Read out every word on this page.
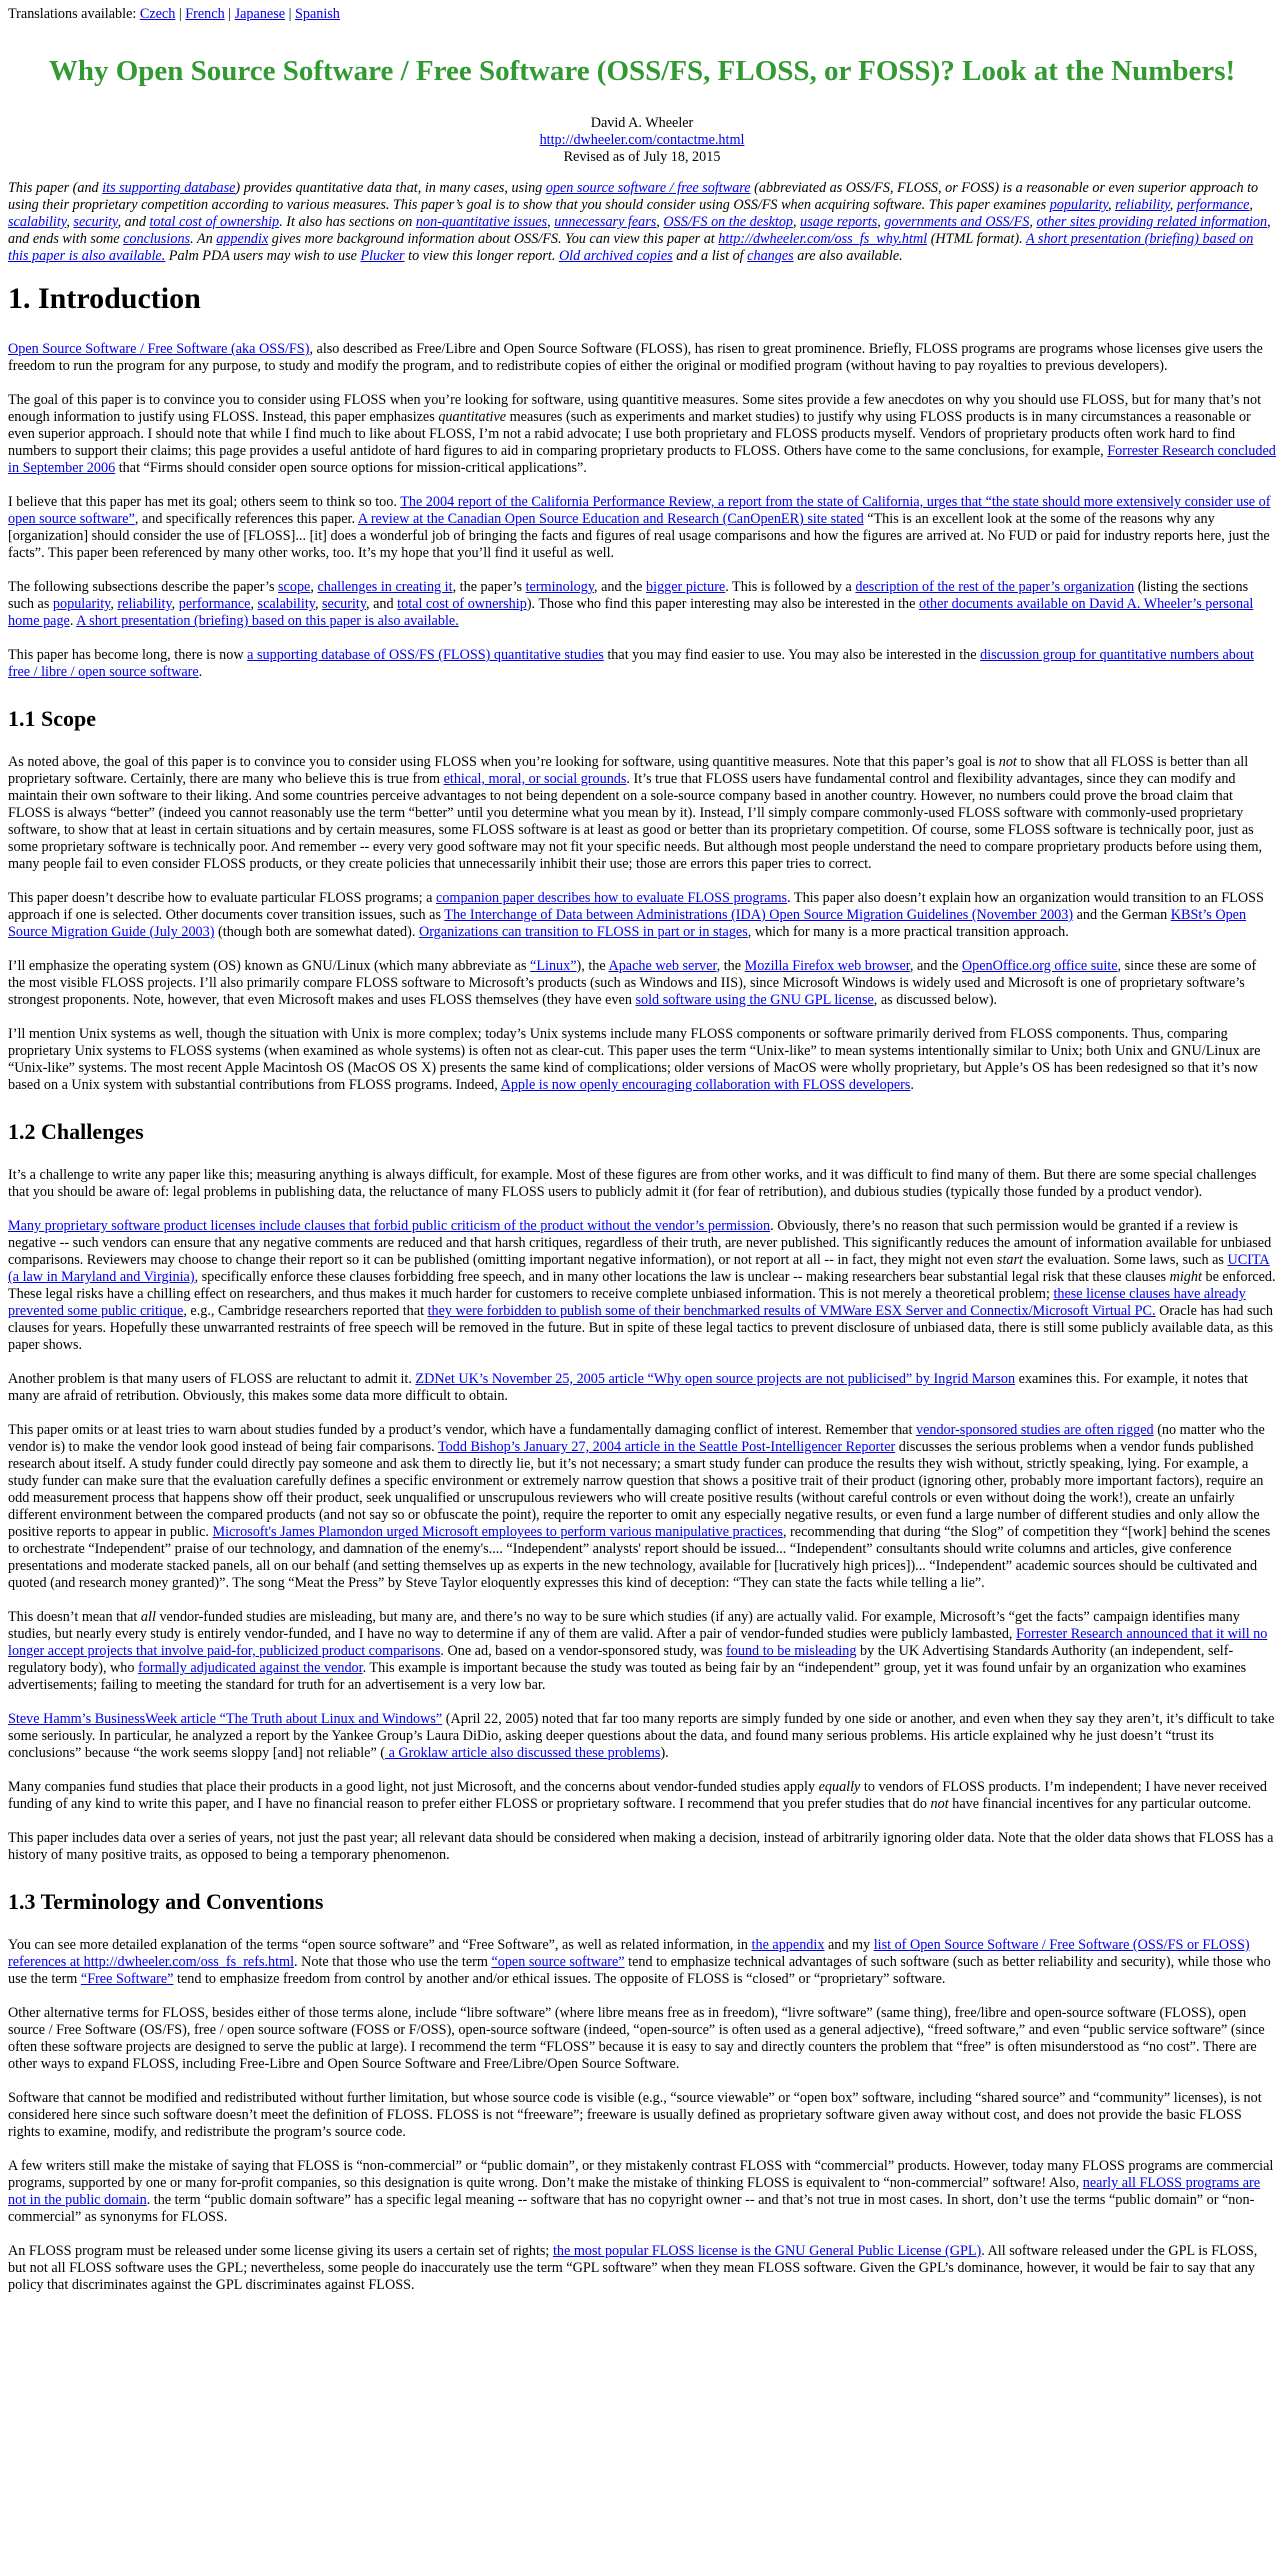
Translations available: Czech | French | Japanese | Spanish
Why Open Source Software / Free Software (OSS/FS, FLOSS, or FOSS)? Look at the Numbers!
David A. Wheeler
http://dwheeler.com/contactme.html
Revised as of July 18, 2015

This paper (and its supporting database) provides quantitative data that, in many cases, using open source software / free software (abbreviated as OSS/FS, FLOSS, or FOSS) is a reasonable or even superior approach to using their proprietary competition according to various measures. This paper’s goal is to show that you should consider using OSS/FS when acquiring software. This paper examines popularity, reliability, performance, scalability, security, and total cost of ownership. It also has sections on non-quantitative issues, unnecessary fears, OSS/FS on the desktop, usage reports, governments and OSS/FS, other sites providing related information, and ends with some conclusions. An appendix gives more background information about OSS/FS. You can view this paper at http://dwheeler.com/oss_fs_why.html (HTML format). A short presentation (briefing) based on this paper is also available. Palm PDA users may wish to use Plucker to view this longer report. Old archived copies and a list of changes are also available.

1. Introduction

Open Source Software / Free Software (aka OSS/FS), also described as Free/Libre and Open Source Software (FLOSS), has risen to great prominence. Briefly, FLOSS programs are programs whose licenses give users the freedom to run the program for any purpose, to study and modify the program, and to redistribute copies of either the original or modified program (without having to pay royalties to previous developers).

The goal of this paper is to convince you to consider using FLOSS when you’re looking for software, using quantitive measures. Some sites provide a few anecdotes on why you should use FLOSS, but for many that’s not enough information to justify using FLOSS. Instead, this paper emphasizes quantitative measures (such as experiments and market studies) to justify why using FLOSS products is in many circumstances a reasonable or even superior approach. I should note that while I find much to like about FLOSS, I’m not a rabid advocate; I use both proprietary and FLOSS products myself. Vendors of proprietary products often work hard to find numbers to support their claims; this page provides a useful antidote of hard figures to aid in comparing proprietary products to FLOSS. Others have come to the same conclusions, for example, Forrester Research concluded in September 2006 that “Firms should consider open source options for mission-critical applications”.

I believe that this paper has met its goal; others seem to think so too. The 2004 report of the California Performance Review, a report from the state of California, urges that “the state should more extensively consider use of open source software”, and specifically references this paper. A review at the Canadian Open Source Education and Research (CanOpenER) site stated “This is an excellent look at the some of the reasons why any [organization] should consider the use of [FLOSS]... [it] does a wonderful job of bringing the facts and figures of real usage comparisons and how the figures are arrived at. No FUD or paid for industry reports here, just the facts”. This paper been referenced by many other works, too. It’s my hope that you’ll find it useful as well.

The following subsections describe the paper’s scope, challenges in creating it, the paper’s terminology, and the bigger picture. This is followed by a description of the rest of the paper’s organization (listing the sections such as popularity, reliability, performance, scalability, security, and total cost of ownership). Those who find this paper interesting may also be interested in the other documents available on David A. Wheeler’s personal home page. A short presentation (briefing) based on this paper is also available.

This paper has become long, there is now a supporting database of OSS/FS (FLOSS) quantitative studies that you may find easier to use. You may also be interested in the discussion group for quantitative numbers about free / libre / open source software.

1.1 Scope

As noted above, the goal of this paper is to convince you to consider using FLOSS when you’re looking for software, using quantitive measures. Note that this paper’s goal is not to show that all FLOSS is better than all proprietary software. Certainly, there are many who believe this is true from ethical, moral, or social grounds. It’s true that FLOSS users have fundamental control and flexibility advantages, since they can modify and maintain their own software to their liking. And some countries perceive advantages to not being dependent on a sole-source company based in another country. However, no numbers could prove the broad claim that FLOSS is always “better” (indeed you cannot reasonably use the term “better” until you determine what you mean by it). Instead, I’ll simply compare commonly-used FLOSS software with commonly-used proprietary software, to show that at least in certain situations and by certain measures, some FLOSS software is at least as good or better than its proprietary competition. Of course, some FLOSS software is technically poor, just as some proprietary software is technically poor. And remember -- every very good software may not fit your specific needs. But although most people understand the need to compare proprietary products before using them, many people fail to even consider FLOSS products, or they create policies that unnecessarily inhibit their use; those are errors this paper tries to correct.

This paper doesn’t describe how to evaluate particular FLOSS programs; a companion paper describes how to evaluate FLOSS programs. This paper also doesn’t explain how an organization would transition to an FLOSS approach if one is selected. Other documents cover transition issues, such as The Interchange of Data between Administrations (IDA) Open Source Migration Guidelines (November 2003) and the German KBSt’s Open Source Migration Guide (July 2003) (though both are somewhat dated). Organizations can transition to FLOSS in part or in stages, which for many is a more practical transition approach.

I’ll emphasize the operating system (OS) known as GNU/Linux (which many abbreviate as “Linux”), the Apache web server, the Mozilla Firefox web browser, and the OpenOffice.org office suite, since these are some of the most visible FLOSS projects. I’ll also primarily compare FLOSS software to Microsoft’s products (such as Windows and IIS), since Microsoft Windows is widely used and Microsoft is one of proprietary software’s strongest proponents. Note, however, that even Microsoft makes and uses FLOSS themselves (they have even sold software using the GNU GPL license, as discussed below).

I’ll mention Unix systems as well, though the situation with Unix is more complex; today’s Unix systems include many FLOSS components or software primarily derived from FLOSS components. Thus, comparing proprietary Unix systems to FLOSS systems (when examined as whole systems) is often not as clear-cut. This paper uses the term “Unix-like” to mean systems intentionally similar to Unix; both Unix and GNU/Linux are “Unix-like” systems. The most recent Apple Macintosh OS (MacOS OS X) presents the same kind of complications; older versions of MacOS were wholly proprietary, but Apple’s OS has been redesigned so that it’s now based on a Unix system with substantial contributions from FLOSS programs. Indeed, Apple is now openly encouraging collaboration with FLOSS developers.

1.2 Challenges

It’s a challenge to write any paper like this; measuring anything is always difficult, for example. Most of these figures are from other works, and it was difficult to find many of them. But there are some special challenges that you should be aware of: legal problems in publishing data, the reluctance of many FLOSS users to publicly admit it (for fear of retribution), and dubious studies (typically those funded by a product vendor).

Many proprietary software product licenses include clauses that forbid public criticism of the product without the vendor’s permission. Obviously, there’s no reason that such permission would be granted if a review is negative -- such vendors can ensure that any negative comments are reduced and that harsh critiques, regardless of their truth, are never published. This significantly reduces the amount of information available for unbiased comparisons. Reviewers may choose to change their report so it can be published (omitting important negative information), or not report at all -- in fact, they might not even start the evaluation. Some laws, such as UCITA (a law in Maryland and Virginia), specifically enforce these clauses forbidding free speech, and in many other locations the law is unclear -- making researchers bear substantial legal risk that these clauses might be enforced. These legal risks have a chilling effect on researchers, and thus makes it much harder for customers to receive complete unbiased information. This is not merely a theoretical problem; these license clauses have already prevented some public critique, e.g., Cambridge researchers reported that they were forbidden to publish some of their benchmarked results of VMWare ESX Server and Connectix/Microsoft Virtual PC. Oracle has had such clauses for years. Hopefully these unwarranted restraints of free speech will be removed in the future. But in spite of these legal tactics to prevent disclosure of unbiased data, there is still some publicly available data, as this paper shows.

Another problem is that many users of FLOSS are reluctant to admit it. ZDNet UK’s November 25, 2005 article “Why open source projects are not publicised” by Ingrid Marson examines this. For example, it notes that many are afraid of retribution. Obviously, this makes some data more difficult to obtain.

This paper omits or at least tries to warn about studies funded by a product’s vendor, which have a fundamentally damaging conflict of interest. Remember that vendor-sponsored studies are often rigged (no matter who the vendor is) to make the vendor look good instead of being fair comparisons. Todd Bishop’s January 27, 2004 article in the Seattle Post-Intelligencer Reporter discusses the serious problems when a vendor funds published research about itself. A study funder could directly pay someone and ask them to directly lie, but it’s not necessary; a smart study funder can produce the results they wish without, strictly speaking, lying. For example, a study funder can make sure that the evaluation carefully defines a specific environment or extremely narrow question that shows a positive trait of their product (ignoring other, probably more important factors), require an odd measurement process that happens show off their product, seek unqualified or unscrupulous reviewers who will create positive results (without careful controls or even without doing the work!), create an unfairly different environment between the compared products (and not say so or obfuscate the point), require the reporter to omit any especially negative results, or even fund a large number of different studies and only allow the positive reports to appear in public. Microsoft's James Plamondon urged Microsoft employees to perform various manipulative practices, recommending that during “the Slog” of competition they “[work] behind the scenes to orchestrate “Independent” praise of our technology, and damnation of the enemy's.... “Independent” analysts' report should be issued... “Independent” consultants should write columns and articles, give conference presentations and moderate stacked panels, all on our behalf (and setting themselves up as experts in the new technology, available for [lucratively high prices])... “Independent” academic sources should be cultivated and quoted (and research money granted)”. The song “Meat the Press” by Steve Taylor eloquently expresses this kind of deception: “They can state the facts while telling a lie”.

This doesn’t mean that all vendor-funded studies are misleading, but many are, and there’s no way to be sure which studies (if any) are actually valid. For example, Microsoft’s “get the facts” campaign identifies many studies, but nearly every study is entirely vendor-funded, and I have no way to determine if any of them are valid. After a pair of vendor-funded studies were publicly lambasted, Forrester Research announced that it will no longer accept projects that involve paid-for, publicized product comparisons. One ad, based on a vendor-sponsored study, was found to be misleading by the UK Advertising Standards Authority (an independent, self-regulatory body), who formally adjudicated against the vendor. This example is important because the study was touted as being fair by an “independent” group, yet it was found unfair by an organization who examines advertisements; failing to meeting the standard for truth for an advertisement is a very low bar.

Steve Hamm’s BusinessWeek article “The Truth about Linux and Windows” (April 22, 2005) noted that far too many reports are simply funded by one side or another, and even when they say they aren’t, it’s difficult to take some seriously. In particular, he analyzed a report by the Yankee Group’s Laura DiDio, asking deeper questions about the data, and found many serious problems. His article explained why he just doesn’t “trust its conclusions” because “the work seems sloppy [and] not reliable” ( a Groklaw article also discussed these problems).

Many companies fund studies that place their products in a good light, not just Microsoft, and the concerns about vendor-funded studies apply equally to vendors of FLOSS products. I’m independent; I have never received funding of any kind to write this paper, and I have no financial reason to prefer either FLOSS or proprietary software. I recommend that you prefer studies that do not have financial incentives for any particular outcome.

This paper includes data over a series of years, not just the past year; all relevant data should be considered when making a decision, instead of arbitrarily ignoring older data. Note that the older data shows that FLOSS has a history of many positive traits, as opposed to being a temporary phenomenon.

1.3 Terminology and Conventions

You can see more detailed explanation of the terms “open source software” and “Free Software”, as well as related information, in the appendix and my list of Open Source Software / Free Software (OSS/FS or FLOSS) references at http://dwheeler.com/oss_fs_refs.html. Note that those who use the term “open source software” tend to emphasize technical advantages of such software (such as better reliability and security), while those who use the term “Free Software” tend to emphasize freedom from control by another and/or ethical issues. The opposite of FLOSS is “closed” or “proprietary” software.

Other alternative terms for FLOSS, besides either of those terms alone, include “libre software” (where libre means free as in freedom), “livre software” (same thing), free/libre and open-source software (FLOSS), open source / Free Software (OS/FS), free / open source software (FOSS or F/OSS), open-source software (indeed, “open-source” is often used as a general adjective), “freed software,” and even “public service software” (since often these software projects are designed to serve the public at large). I recommend the term “FLOSS” because it is easy to say and directly counters the problem that “free” is often misunderstood as “no cost”. There are other ways to expand FLOSS, including Free-Libre and Open Source Software and Free/Libre/Open Source Software.

Software that cannot be modified and redistributed without further limitation, but whose source code is visible (e.g., “source viewable” or “open box” software, including “shared source” and “community” licenses), is not considered here since such software doesn’t meet the definition of FLOSS. FLOSS is not “freeware”; freeware is usually defined as proprietary software given away without cost, and does not provide the basic FLOSS rights to examine, modify, and redistribute the program’s source code.

A few writers still make the mistake of saying that FLOSS is “non-commercial” or “public domain”, or they mistakenly contrast FLOSS with “commercial” products. However, today many FLOSS programs are commercial programs, supported by one or many for-profit companies, so this designation is quite wrong. Don’t make the mistake of thinking FLOSS is equivalent to “non-commercial” software! Also, nearly all FLOSS programs are not in the public domain. the term “public domain software” has a specific legal meaning -- software that has no copyright owner -- and that’s not true in most cases. In short, don’t use the terms “public domain” or “non-commercial” as synonyms for FLOSS.

An FLOSS program must be released under some license giving its users a certain set of rights; the most popular FLOSS license is the GNU General Public License (GPL). All software released under the GPL is FLOSS, but not all FLOSS software uses the GPL; nevertheless, some people do inaccurately use the term “GPL software” when they mean FLOSS software. Given the GPL’s dominance, however, it would be fair to say that any policy that discriminates against the GPL discriminates against FLOSS.
